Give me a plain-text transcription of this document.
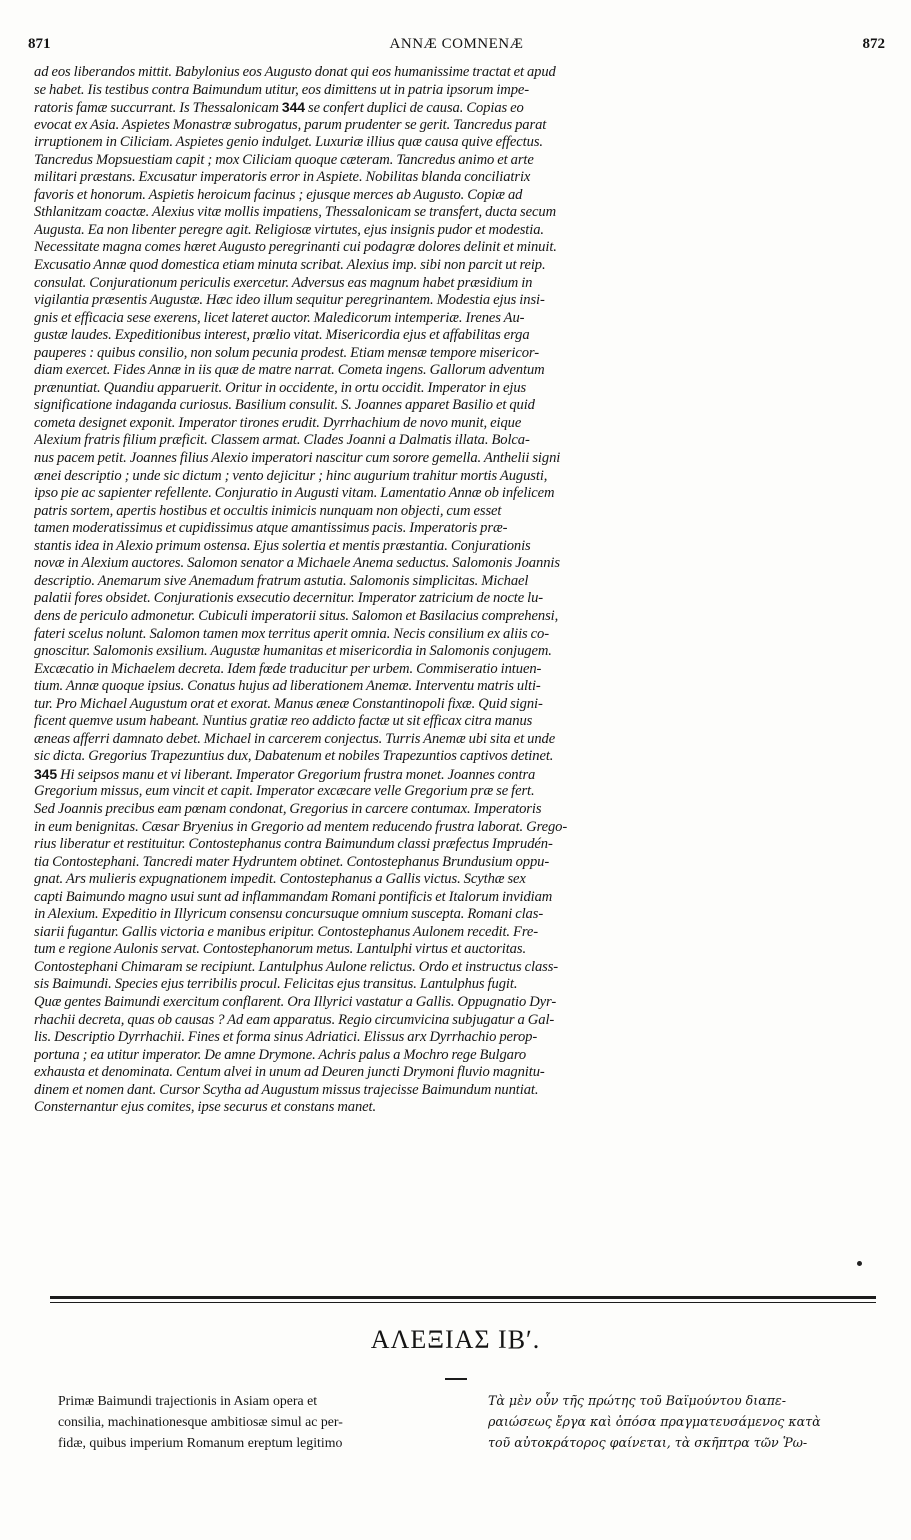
871	ANNÆ COMNENÆ	872
ad eos liberandos mittit. Babylonius eos Augusto donat qui eos humanissime tractat et apud
se habet. Iis testibus contra Baimundum utitur, eos dimittens ut in patria ipsorum impe-
ratoris famæ succurrant. Is Thessalonicam 344 se confert duplici de causa. Copias eo
evocat ex Asia. Aspietes Monastræ subrogatus, parum prudenter se gerit. Tancredus parat
irruptionem in Ciliciam. Aspietes genio indulget. Luxuriæ illius quæ causa quive effectus.
Tancredus Mopsuestiam capit ; mox Ciliciam quoque cæteram. Tancredus animo et arte
militari præstans. Excusatur imperatoris error in Aspiete. Nobilitas blanda conciliatrix
favoris et honorum. Aspietis heroicum facinus ; ejusque merces ab Augusto. Copiæ ad
Sthlanitzam coactæ. Alexius vitæ mollis impatiens, Thessalonicam se transfert, ducta secum
Augusta. Ea non libenter peregre agit. Religiosæ virtutes, ejus insignis pudor et modestia.
Necessitate magna comes hæret Augusto peregrinanti cui podagræ dolores delinit et minuit.
Excusatio Annæ quod domestica etiam minuta scribat. Alexius imp. sibi non parcit ut reip.
consulat. Conjurationum periculis exercetur. Adversus eas magnum habet præsidium in
vigilantia præsentis Augustæ. Hæc ideo illum sequitur peregrinantem. Modestia ejus insi-
gnis et efficacia sese exerens, licet lateret auctor. Maledicorum intemperiæ. Irenes Au-
gustæ laudes. Expeditionibus interest, prœlio vitat. Misericordia ejus et affabilitas erga
pauperes : quibus consilio, non solum pecunia prodest. Etiam mensæ tempore misericor-
diam exercet. Fides Annæ in iis quæ de matre narrat. Cometa ingens. Gallorum adventum
prænuntiat. Quandiu apparuerit. Oritur in occidente, in ortu occidit. Imperator in ejus
significatione indaganda curiosus. Basilium consulit. S. Joannes apparet Basilio et quid
cometa designet exponit. Imperator tirones erudit. Dyrrhachium de novo munit, eique
Alexium fratris filium præficit. Classem armat. Clades Joanni a Dalmatis illata. Bolca-
nus pacem petit. Joannes filius Alexio imperatori nascitur cum sorore gemella. Anthelii signi
ænei descriptio ; unde sic dictum ; vento dejicitur ; hinc augurium trahitur mortis Augusti,
ipso pie ac sapienter refellente. Conjuratio in Augusti vitam. Lamentatio Annæ ob infelicem
patris sortem, apertis hostibus et occultis inimicis nunquam non objecti, cum esset
tamen moderatissimus et cupidissimus atque amantissimus pacis. Imperatoris præ-
stantis idea in Alexio primum ostensa. Ejus solertia et mentis præstantia. Conjurationis
novæ in Alexium auctores. Salomon senator a Michaele Anema seductus. Salomonis Joannis
descriptio. Anemarum sive Anemadum fratrum astutia. Salomonis simplicitas. Michael
palatii fores obsidet. Conjurationis exsecutio decernitur. Imperator zatricium de nocte lu-
dens de periculo admonetur. Cubiculi imperatorii situs. Salomon et Basilacius comprehensi,
fateri scelus nolunt. Salomon tamen mox territus aperit omnia. Necis consilium ex aliis co-
gnoscitur. Salomonis exsilium. Augustæ humanitas et misericordia in Salomonis conjugem.
Excæcatio in Michaelem decreta. Idem fœde traducitur per urbem. Commiseratio intuen-
tium. Annæ quoque ipsius. Conatus hujus ad liberationem Anemæ. Interventu matris ulti-
tur. Pro Michael Augustum orat et exorat. Manus æneæ Constantinopoli fixæ. Quid signi-
ficent quemve usum habeant. Nuntius gratiæ reo addicto factæ ut sit efficax citra manus
æneas afferri damnato debet. Michael in carcerem conjectus. Turris Anemæ ubi sita et unde
sic dicta. Gregorius Trapezuntius dux, Dabatenum et nobiles Trapezuntios captivos detinet.
345 Hi seipsos manu et vi liberant. Imperator Gregorium frustra monet. Joannes contra
Gregorium missus, eum vincit et capit. Imperator excæcare velle Gregorium præ se fert.
Sed Joannis precibus eam pœnam condonat, Gregorius in carcere contumax. Imperatoris
in eum benignitas. Cæsar Bryenius in Gregorio ad mentem reducendo frustra laborat. Grego-
rius liberatur et restituitur. Contostephanus contra Baimundum classi præfectus Imprudén-
tia Contostephani. Tancredi mater Hydruntem obtinet. Contostephanus Brundusium oppu-
gnat. Ars mulieris expugnationem impedit. Contostephanus a Gallis victus. Scythæ sex
capti Baimundo magno usui sunt ad inflammandam Romani pontificis et Italorum invidiam
in Alexium. Expeditio in Illyricum consensu concursuque omnium suscepta. Romani clas-
siarii fugantur. Gallis victoria e manibus eripitur. Contostephanus Aulonem recedit. Fre-
tum e regione Aulonis servat. Contostephanorum metus. Lantulphi virtus et auctoritas.
Contostephani Chimaram se recipiunt. Lantulphus Aulone relictus. Ordo et instructus class-
sis Baimundi. Species ejus terribilis procul. Felicitas ejus transitus. Lantulphus fugit.
Quæ gentes Baimundi exercitum conflarent. Ora Illyrici vastatur a Gallis. Oppugnatio Dyr-
rhachii decreta, quas ob causas ? Ad eam apparatus. Regio circumvicina subjugatur a Gal-
lis. Descriptio Dyrrhachii. Fines et forma sinus Adriatici. Elissus arx Dyrrhachio perop-
portuna ; ea utitur imperator. De amne Drymone. Achris palus a Mochro rege Bulgaro
exhausta et denominata. Centum alvei in unum ad Deuren juncti Drymoni fluvio magnitu-
dinem et nomen dant. Cursor Scytha ad Augustum missus trajecisse Baimundum nuntiat.
Consternantur ejus comites, ipse securus et constans manet.
ΑΛΕΞΙΑΣ ΙΒʹ.
Primæ Baimundi trajectionis in Asiam opera et
consilia, machinationesque ambitiosæ simul ac per-
fidæ, quibus imperium Romanum ereptum legitimo
Τὰ μὲν οὖν τῆς πρώτης τοῦ Βαϊμούντου διαπε-
ραιώσεως ἔργα καὶ ὁπόσα πραγματευσάμενος κατὰ
τοῦ αὐτοκράτορος φαίνεται, τὰ σκῆπτρα τῶν Ῥω-
